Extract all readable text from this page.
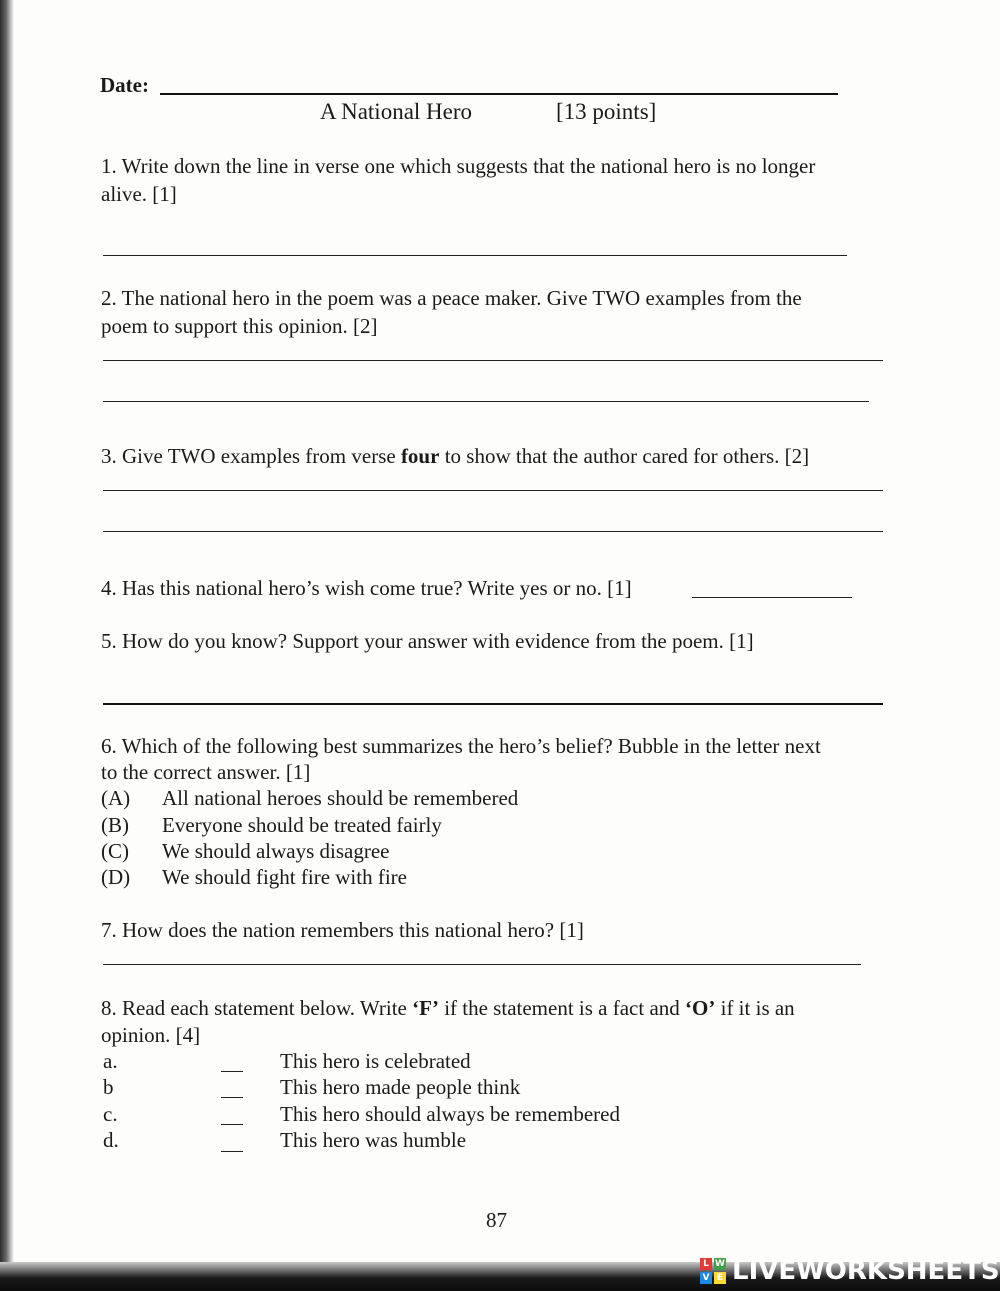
Date:
A National Hero	[13 points]
1. Write down the line in verse one which suggests that the national hero is no longer
alive. [1]
2. The national hero in the poem was a peace maker. Give TWO examples from the
poem to support this opinion. [2]
3. Give TWO examples from verse four to show that the author cared for others. [2]
4. Has this national hero’s wish come true? Write yes or no. [1]
5. How do you know? Support your answer with evidence from the poem. [1]
6. Which of the following best summarizes the hero’s belief? Bubble in the letter next
to the correct answer. [1]
(A) All national heroes should be remembered
(B) Everyone should be treated fairly
(C) We should always disagree
(D) We should fight fire with fire
7. How does the nation remembers this national hero? [1]
8. Read each statement below. Write ‘F’ if the statement is a fact and ‘O’ if it is an
opinion. [4]
a.	This hero is celebrated
b	This hero made people think
c.	This hero should always be remembered
d.	This hero was humble
87
L W
V E LIVEWORKSHEETS
